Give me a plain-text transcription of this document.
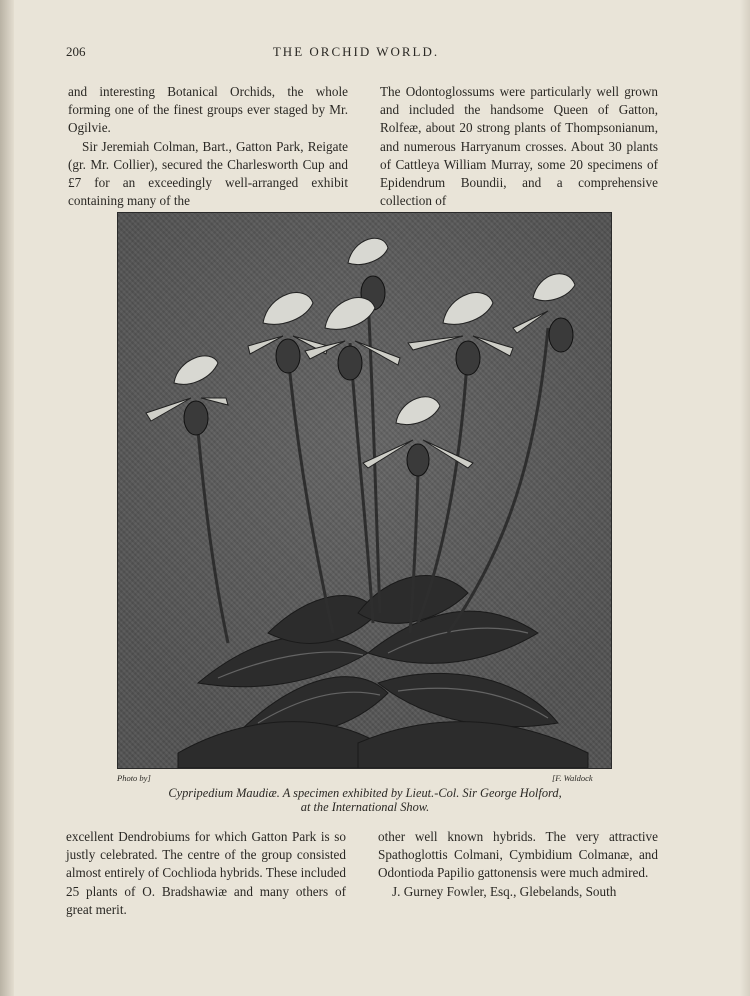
206	THE ORCHID WORLD.

and interesting Botanical Orchids, the whole forming one of the finest groups ever staged by Mr. Ogilvie.

Sir Jeremiah Colman, Bart., Gatton Park, Reigate (gr. Mr. Collier), secured the Charlesworth Cup and £7 for an exceedingly well-arranged exhibit containing many of the

The Odontoglossums were particularly well grown and included the handsome Queen of Gatton, Rolfeæ, about 20 strong plants of Thompsonianum, and numerous Harryanum crosses. About 30 plants of Cattleya William Murray, some 20 specimens of Epidendrum Boundii, and a comprehensive collection of

Photo by]	[F. Waldock
Cypripedium Maudiæ. A specimen exhibited by Lieut.-Col. Sir George Holford,
at the International Show.

excellent Dendrobiums for which Gatton Park is so justly celebrated. The centre of the group consisted almost entirely of Cochlioda hybrids. These included 25 plants of O. Bradshawiæ and many others of great merit.

other well known hybrids. The very attractive Spathoglottis Colmani, Cymbidium Colmanæ, and Odontioda Papilio gattonensis were much admired.

J. Gurney Fowler, Esq., Glebelands, South
